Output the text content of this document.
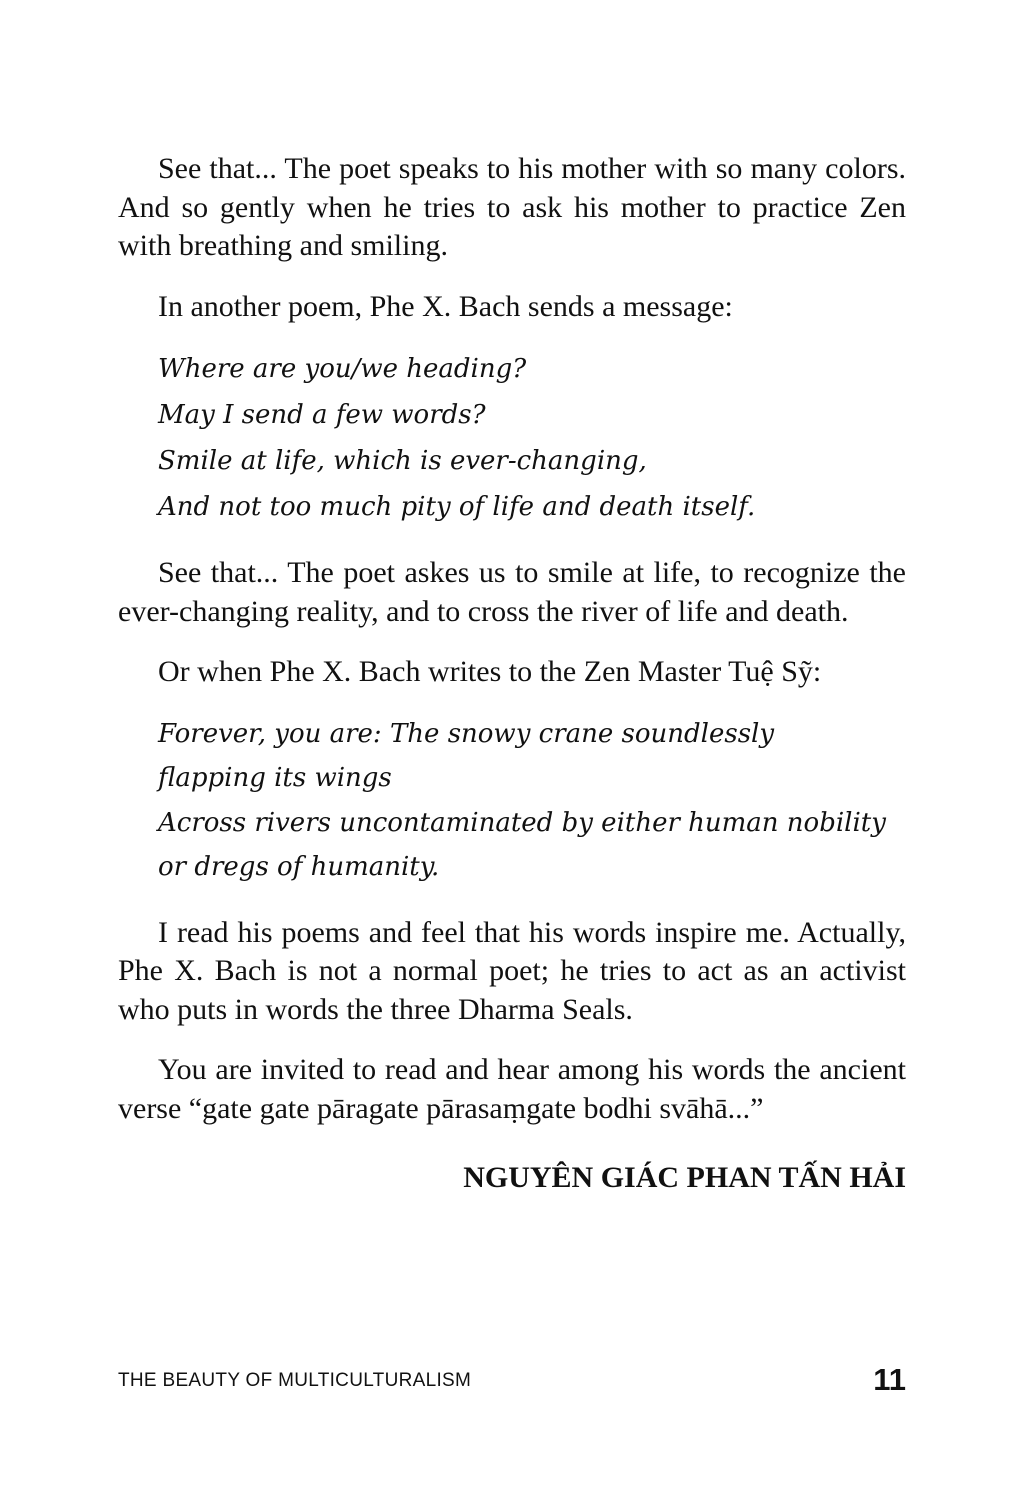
See that... The poet speaks to his mother with so many colors. And so gently when he tries to ask his mother to practice Zen with breathing and smiling.

In another poem, Phe X. Bach sends a message:

Where are you/we heading?
May I send a few words?
Smile at life, which is ever-changing,
And not too much pity of life and death itself.

See that... The poet askes us to smile at life, to recognize the ever-changing reality, and to cross the river of life and death.

Or when Phe X. Bach writes to the Zen Master Tuệ Sỹ:

Forever, you are: The snowy crane soundlessly
flapping its wings
Across rivers uncontaminated by either human nobility
or dregs of humanity.

I read his poems and feel that his words inspire me. Actually, Phe X. Bach is not a normal poet; he tries to act as an activist who puts in words the three Dharma Seals.

You are invited to read and hear among his words the ancient verse “gate gate pāragate pārasaṃgate bodhi svāhā...”

NGUYÊN GIÁC PHAN TẤN HẢI
THE BEAUTY OF MULTICULTURALISM	11
